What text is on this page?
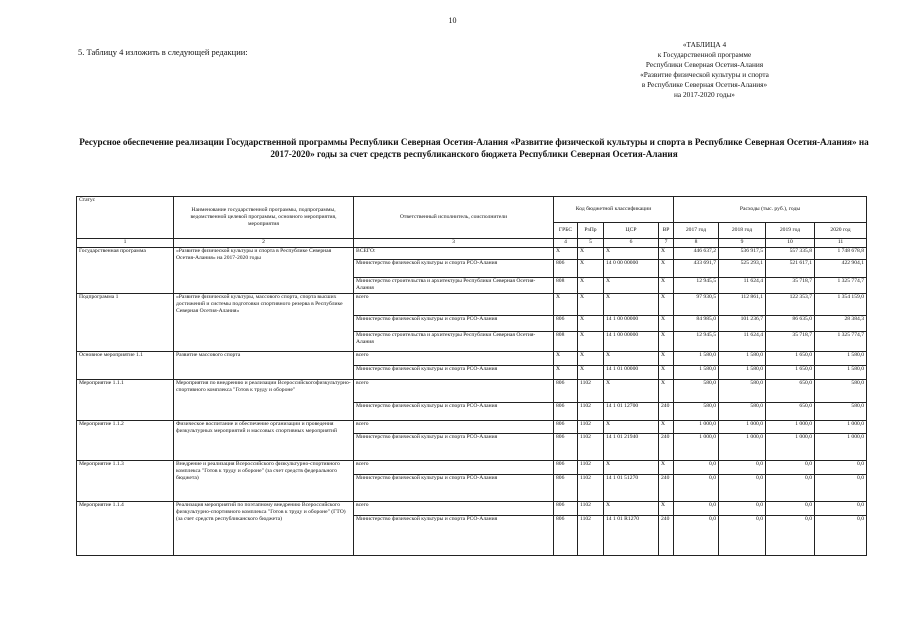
10
5. Таблицу 4 изложить в следующей редакции:
«ТАБЛИЦА 4
к Государственной программе
Республики Северная Осетия-Алания
«Развитие физической культуры и спорта
в Республике Северная Осетия-Алания»
на 2017-2020 годы»
Ресурсное обеспечение реализации Государственной программы Республики Северная Осетия-Алания «Развитие физической культуры и спорта в Республике Северная Осетия-Алания» на 2017-2020» годы за счет средств республиканского бюджета Республики Северная Осетия-Алания
Статус	Наименование государственной программы, подпрограммы, ведомственной целевой программы, основного мероприятия, мероприятия	Ответственный исполнитель, соисполнители	Код бюджетной классификации				Расходы (тыс. руб.), годы			
			ГРБС	РзПр	ЦСР	ВР	2017 год	2018 год	2019 год	2020 год
1	2	3	4	5	6	7	8	9	10	11
Государственная программа	«Развитие физической культуры и спорта в Республике Северная Осетия-Алания» на 2017-2020 годы	ВСЕГО:	X	X	X	X	446 637,2	536 917,5	557 335,8	1 748 678,8
		Министерство физической культуры и спорта РСО-Алания	806	X	14 0 00 00000	X	433 691,7	525 293,1	521 617,1	422 904,1
		Министерство строительства и архитектуры Республики Северная Осетия-Алания	808	X	X	X	12 945,5	11 624,4	35 718,7	1 325 774,7
Подпрограмма 1	«Развитие физической культуры, массового спорта, спорта высших достижений и системы подготовки спортивного резерва в Республике Северная Осетия-Алания»	всего	X	X	X	X	97 930,5	112 861,1	122 353,7	1 354 159,0
		Министерство физической культуры и спорта РСО-Алания	806	X	14 1 00 00000	X	84 985,0	101 236,7	86 635,0	28 384,3
		Министерство строительства и архитектуры Республики Северная Осетия-Алания	808	X	14 1 00 00000	X	12 945,5	11 624,4	35 718,7	1 325 774,7
Основное мероприятие 1.1	Развитие массового спорта	всего	X	X	X	X	1 580,0	1 580,0	1 650,0	1 580,0
		Министерство физической культуры и спорта РСО-Алания	X	X	14 1 01 00000	X	1 580,0	1 580,0	1 650,0	1 580,0
Мероприятие 1.1.1	Мероприятия по внедрению и реализации Всероссийскогофизкультурно-спортивного комплекса "Готов к труду и обороне"	всего	806	1102	X	X	580,0	580,0	650,0	580,0
		Министерство физической культуры и спорта РСО-Алания	806	1102	14 1 01 12700	240	580,0	580,0	650,0	580,0
Мероприятие 1.1.2	Физическое воспитание и обеспечение организации и проведения физкультурных мероприятий и массовых спортивных мероприятий	всего	806	1102	X	X	1 000,0	1 000,0	1 000,0	1 000,0
		Министерство физической культуры и спорта РСО-Алания	806	1102	14 1 01 21940	240	1 000,0	1 000,0	1 000,0	1 000,0
Мероприятие 1.1.3	Внедрение и реализация Всероссийского физкультурно-спортивного комплекса "Готов к труду и обороне" (за счет средств федерального бюджета)	всего	806	1102	X	X	0,0	0,0	0,0	0,0
		Министерство физической культуры и спорта РСО-Алания	806	1102	14 1 01 51270	240	0,0	0,0	0,0	0,0
Мероприятие 1.1.4	Реализация мероприятий по поэтапному внедрению Всероссийского физкультурно-спортивного комплекса "Готов к труду и обороне" (ГТО) (за счет средств республиканского бюджета)	всего	806	1102	X	X	0,0	0,0	0,0	0,0
		Министерство физической культуры и спорта РСО-Алания	806	1102	14 1 01 R1270	240	0,0	0,0	0,0	0,0
